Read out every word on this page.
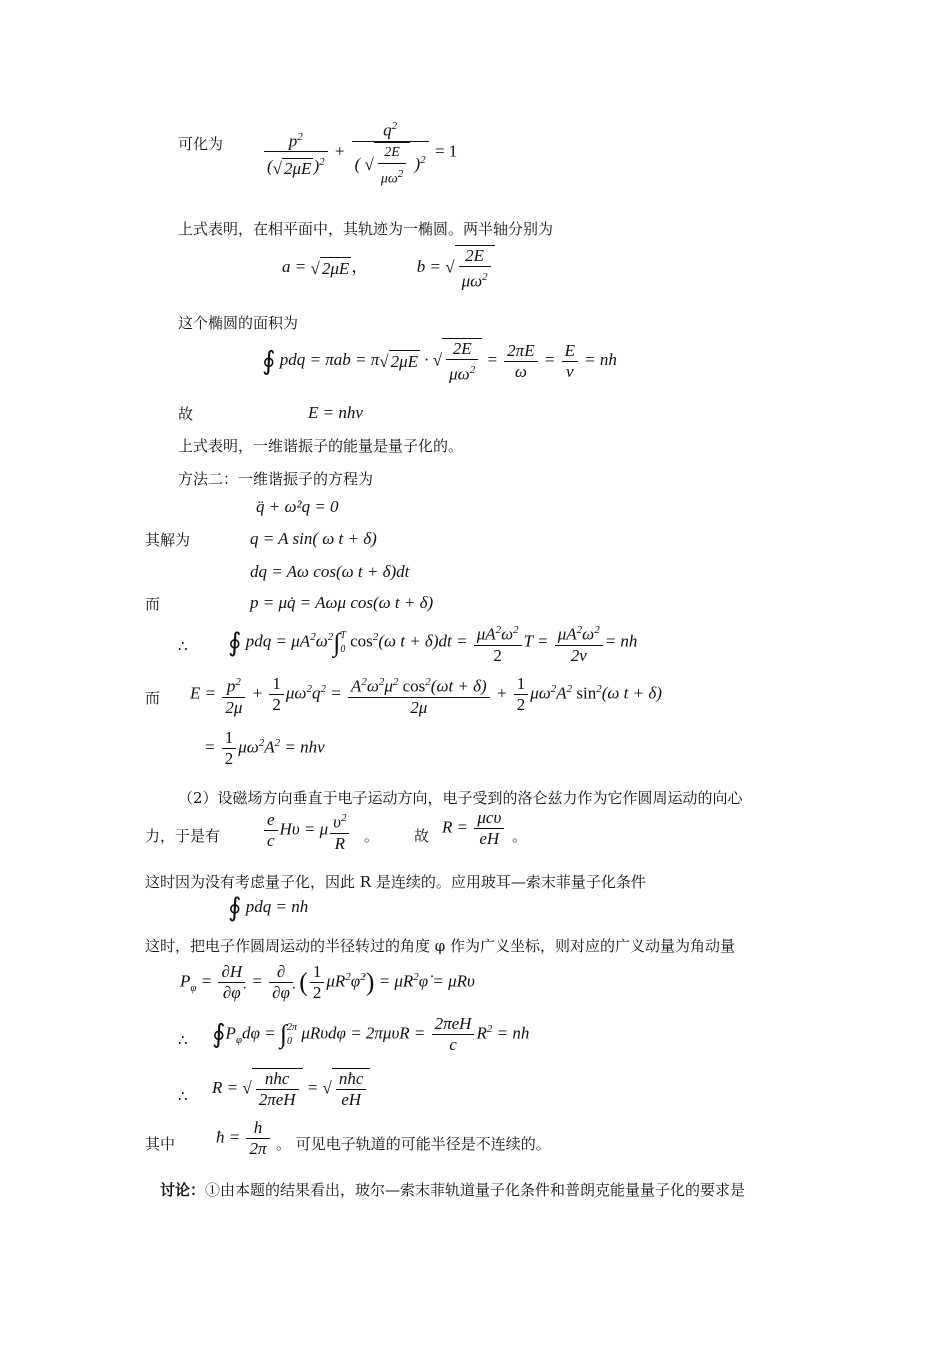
可化为 $\frac{p^2}{(√ 2\mu E )^2}$ +
$q^2$
( √ $\frac{2E}{\mu\omega^2} )^2 = 1$
上式表明，在相平面中，其轨迹为一椭圆。两半轴分别为
a = √ 2μE ，	b = √ $\frac{2E}{\mu\omega^2}$
这个椭圆的面积为
∮ pdq = πab = π√ 2μE · √ $\frac{2E}{\mu\omega^2} = \frac{2\pi E}{\omega} = \frac{E}{v}$ = nh
故	E = nhv
上式表明，一维谐振子的能量是量子化的。
方法二：一维谐振子的方程为
q̈ + ω²q = 0
其解为	q = A sin( ω t + δ)
dq = Aω cos(ω t + δ)dt
而	p = μq̇ = Aωμ cos(ω t + δ)
∴ ∮ pdq = $\mu A^2\omega^2\int T$
0 $\cos^2(\omega$ $t + \delta)dt = \frac{\mu A^2\omega^2}{2}$ $T = \frac{\mu A^2\omega^2}{2v}$ = nh
而 $E = \frac{p^2}{2\mu} + \frac{1}{2} \mu\omega^2q^2 = \frac{A^2\omega^2\mu^2 \cos^2(\omega t + \delta)}{2\mu} + \frac{1}{2} \mu\omega^2A^2$ $\sin^2(\omega$ t + δ)
= $\frac{1}{2} \mu\omega^2A^2$ = nhv
（2）设磁场方向垂直于电子运动方向，电子受到的洛仑兹力作为它作圆周运动的向心
力，于是有	$\frac{e}{c}$ Hυ = μ $\frac{\upsilon^2}{R}$ 。 故 R = μcυ
eH 。
这时因为没有考虑量子化，因此 R 是连续的。应用玻耳—索末菲量子化条件
∮ pdq = nh
这时，把电子作圆周运动的半径转过的角度 φ 作为广义坐标，则对应的广义动量为角动量
$P_\varphi = \frac{\partial H}{\partial\varphi̇}$ = ∂
∂φ̇ ( $\frac{1}{2}$ $\mu R^2\varphi̇^2$) = $\mu R^2\varphi̇ = \mu R\upsilon$
∴ $∮P_\varphi d\varphi = \int 2\pi$
0 μRυdφ = 2πμυR = 2πeH
c
$R^2$ = nh
∴ R = √ nhc
2πeH
= √ nħc
eH
其中 ħ = $\frac{h}{2\pi}$ 。 可见电子轨道的可能半径是不连续的。
讨论： ①由本题的结果看出，玻尔—索末菲轨道量子化条件和普朗克能量量子化的要求是
